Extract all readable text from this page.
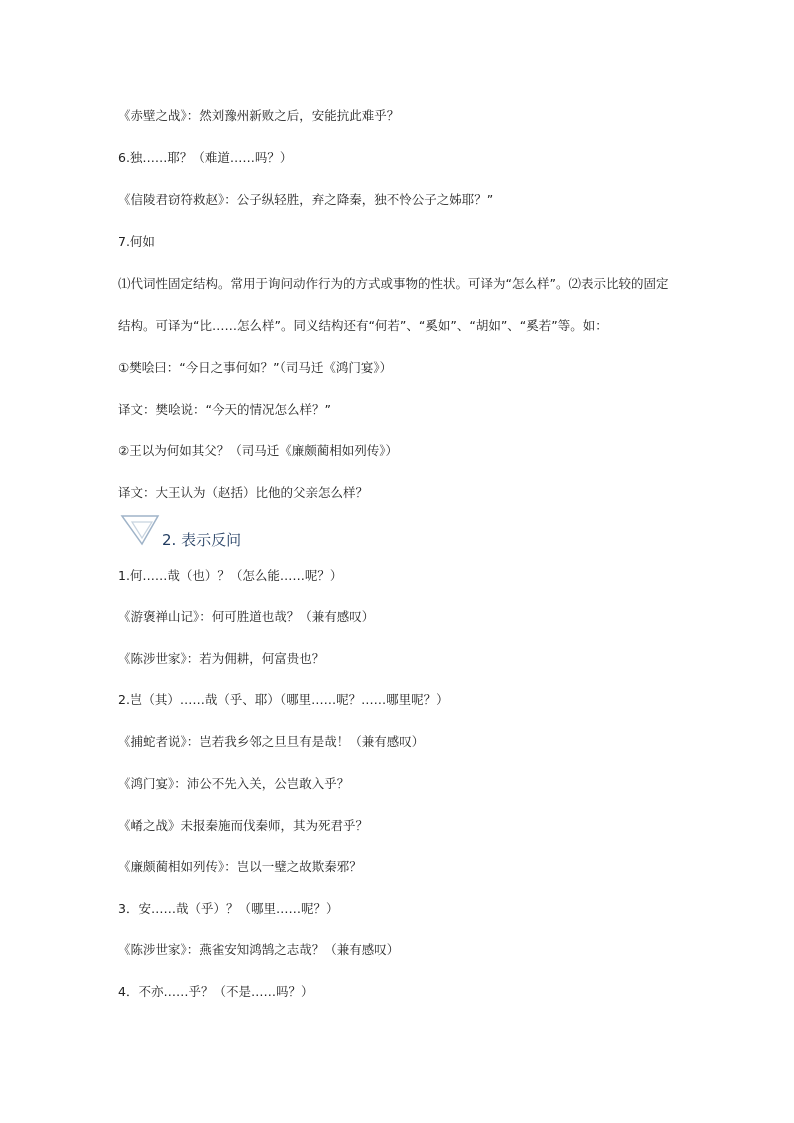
《赤壁之战》：然刘豫州新败之后，安能抗此难乎？
6.独……耶？（难道……吗？）
《信陵君窃符救赵》：公子纵轻胜，弃之降秦，独不怜公子之姊耶？”
7.何如
⑴代词性固定结构。常用于询问动作行为的方式或事物的性状。可译为“怎么样”。⑵表示比较的固定
结构。可译为“比……怎么样”。同义结构还有“何若”、“奚如”、“胡如”、“奚若”等。如：
①樊哙曰：“今日之事何如？”（司马迁《鸿门宴》）
译文：樊哙说：“今天的情况怎么样？”
②王以为何如其父？（司马迁《廉颇蔺相如列传》）
译文：大王认为（赵括）比他的父亲怎么样？
2. 表示反问
1.何……哉（也）？（怎么能……呢？）
《游褒禅山记》：何可胜道也哉？（兼有感叹）
《陈涉世家》：若为佣耕，何富贵也？
2.岂（其）……哉（乎、耶）（哪里……呢？……哪里呢？）
《捕蛇者说》：岂若我乡邻之旦旦有是哉！（兼有感叹）
《鸿门宴》：沛公不先入关，公岂敢入乎？
《崤之战》未报秦施而伐秦师，其为死君乎？
《廉颇蔺相如列传》：岂以一璧之故欺秦邪？
3．安……哉（乎）？（哪里……呢？）
《陈涉世家》：燕雀安知鸿鹄之志哉？（兼有感叹）
4．不亦……乎？（不是……吗？）
